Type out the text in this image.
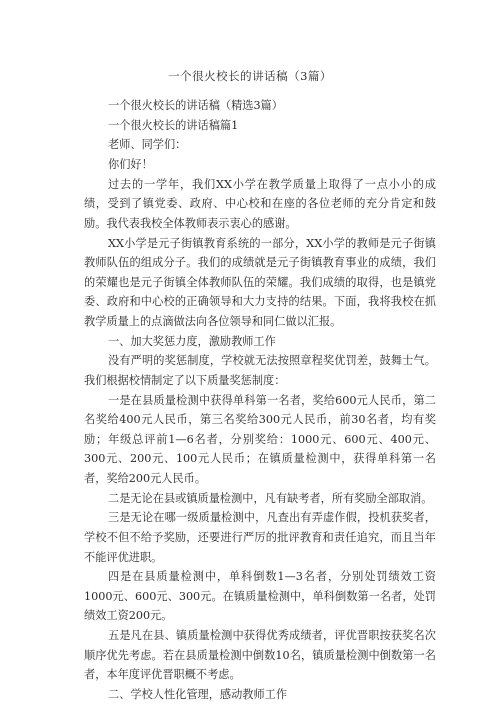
一个很火校长的讲话稿（3篇）

一个很火校长的讲话稿（精选3篇）

一个很火校长的讲话稿篇1

老师、同学们：

你们好！

过去的一学年，我们XX小学在教学质量上取得了一点小小的成绩，受到了镇党委、政府、中心校和在座的各位老师的充分肯定和鼓励。我代表我校全体教师表示衷心的感谢。

XX小学是元子街镇教育系统的一部分，XX小学的教师是元子街镇教师队伍的组成分子。我们的成绩就是元子街镇教育事业的成绩，我们的荣耀也是元子街镇全体教师队伍的荣耀。我们成绩的取得，也是镇党委、政府和中心校的正确领导和大力支持的结果。下面，我将我校在抓教学质量上的点滴做法向各位领导和同仁做以汇报。

一、加大奖惩力度，激励教师工作

没有严明的奖惩制度，学校就无法按照章程奖优罚差，鼓舞士气。我们根据校情制定了以下质量奖惩制度：

一是在县质量检测中获得单科第一名者，奖给600元人民币，第二名奖给400元人民币，第三名奖给300元人民币，前30名者，均有奖励；年级总评前1—6名者，分别奖给：1000元、600元、400元、300元、200元、100元人民币；在镇质量检测中，获得单科第一名者，奖给200元人民币。

二是无论在县或镇质量检测中，凡有缺考者，所有奖励全部取消。

三是无论在哪一级质量检测中，凡查出有弄虚作假，投机获奖者，学校不但不给予奖励，还要进行严厉的批评教育和责任追究，而且当年不能评优进职。

四是在县质量检测中，单科倒数1—3名者，分别处罚绩效工资1000元、600元、300元。在镇质量检测中，单科倒数第一名者，处罚绩效工资200元。

五是凡在县、镇质量检测中获得优秀成绩者，评优晋职按获奖名次顺序优先考虑。若在县质量检测中倒数10名，镇质量检测中倒数第一名者，本年度评优晋职概不考虑。

二、学校人性化管理，感动教师工作
